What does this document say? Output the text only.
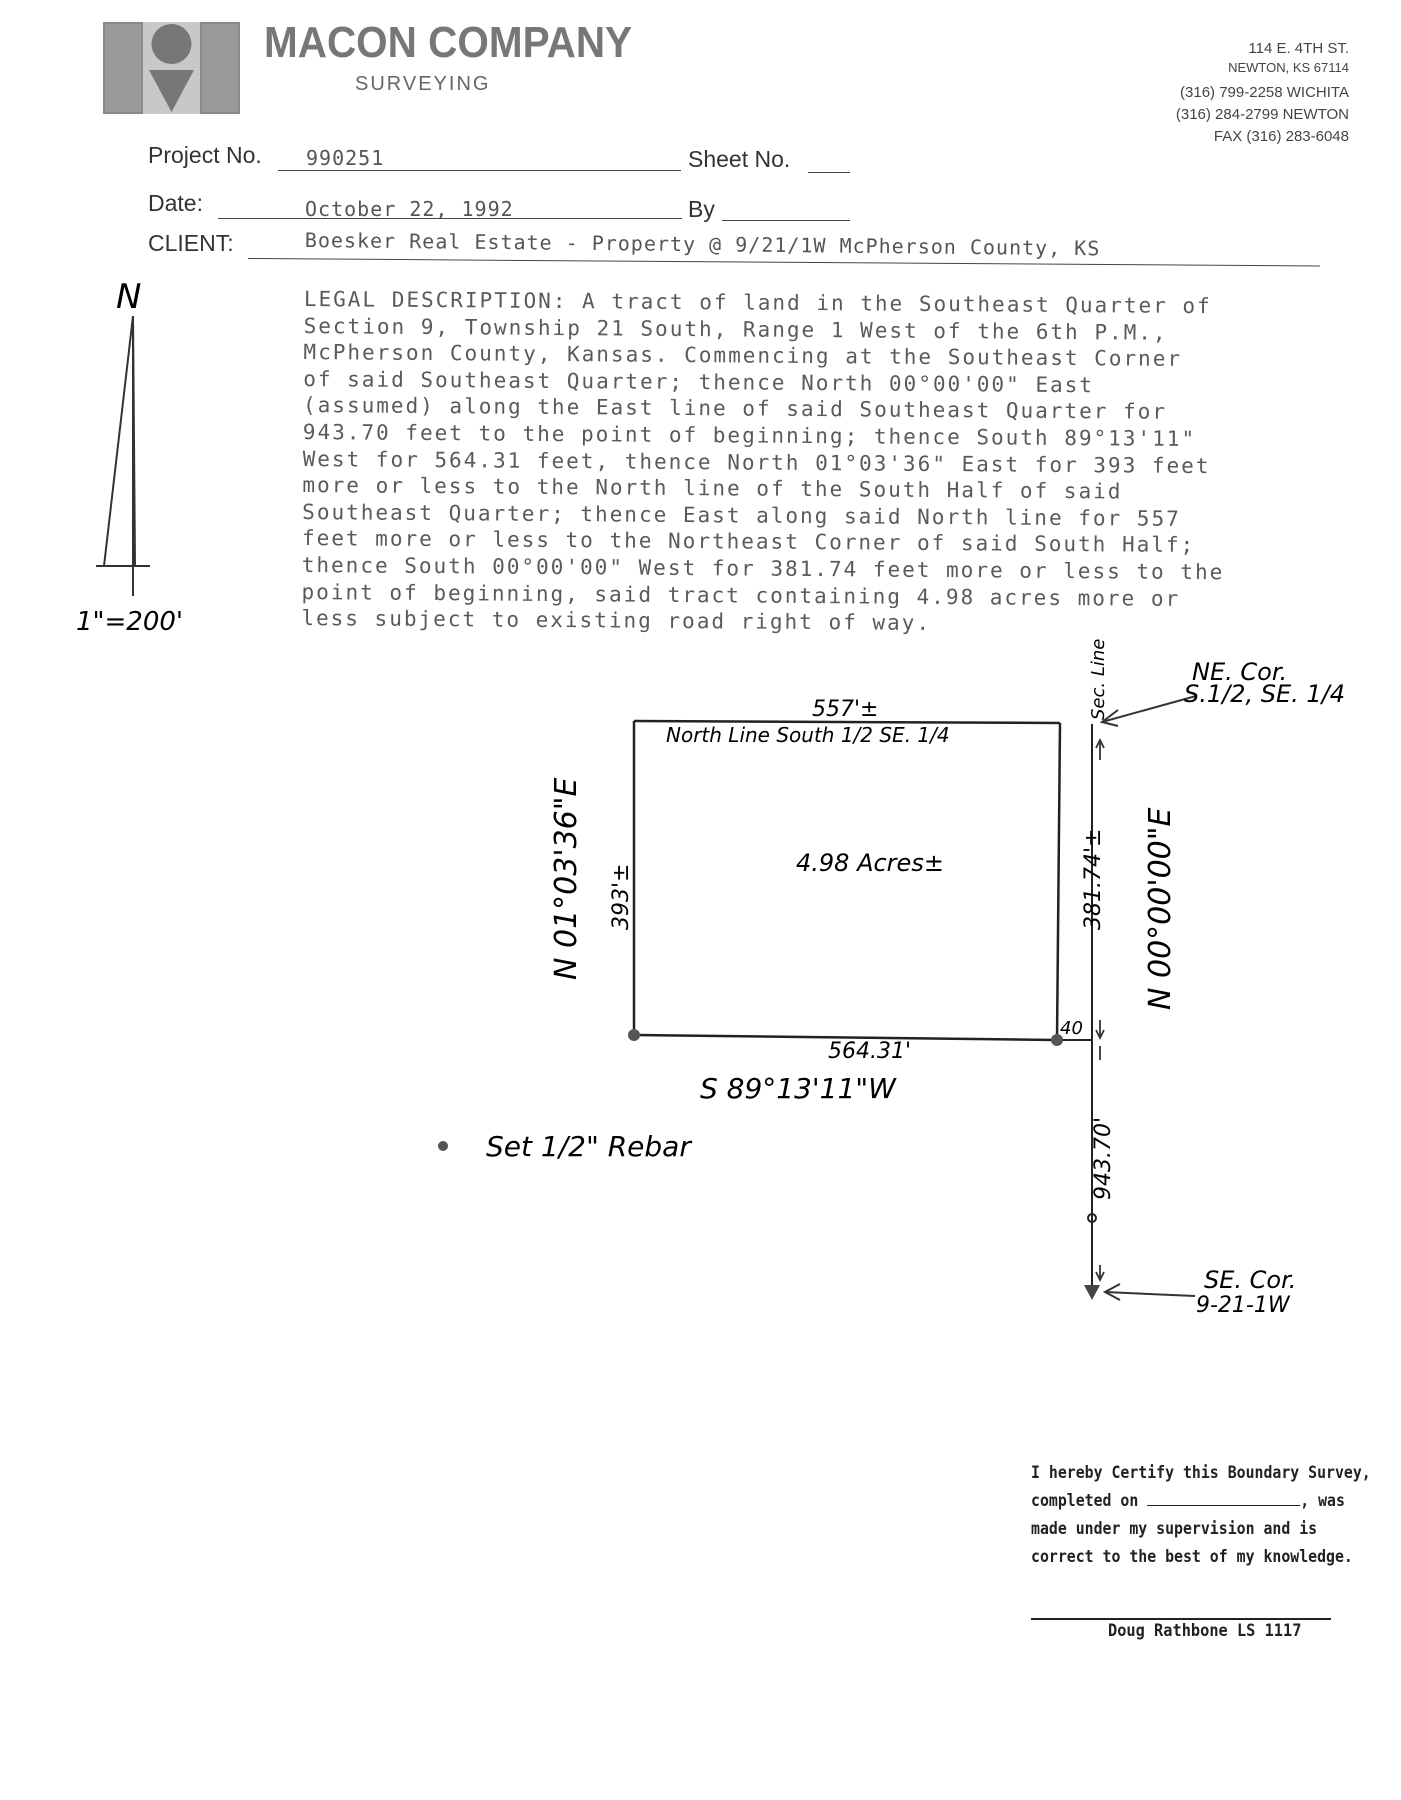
MACON COMPANY
SURVEYING
114 E. 4TH ST.
NEWTON, KS 67114
(316) 799-2258 WICHITA
(316) 284-2799 NEWTON
FAX (316) 283-6048
Project No. 990251	Sheet No.
Date:	October 22, 1992	By
CLIENT:	Boesker Real Estate - Property @ 9/21/1W McPherson County, KS
LEGAL DESCRIPTION: A tract of land in the Southeast Quarter of
Section 9, Township 21 South, Range 1 West of the 6th P.M.,
McPherson County, Kansas. Commencing at the Southeast Corner
of said Southeast Quarter; thence North 00°00'00" East
(assumed) along the East line of said Southeast Quarter for
943.70 feet to the point of beginning; thence South 89°13'11"
West for 564.31 feet, thence North 01°03'36" East for 393 feet
more or less to the North line of the South Half of said
Southeast Quarter; thence East along said North line for 557
feet more or less to the Northeast Corner of said South Half;
thence South 00°00'00" West for 381.74 feet more or less to the
point of beginning, said tract containing 4.98 acres more or
less subject to existing road right of way.
N
1"=200'
557'±
North Line South 1/2 SE. 1/4
4.98 Acres±
393'±
N 01°03'36"E	381.74'± N 00°00'00"E
Sec. Line
40
564.31'
S 89°13'11"W
943.70'
NE. Cor.
S.1/2, SE. 1/4
SE. Cor.
9-21-1W
Set 1/2" Rebar
I hereby Certify this Boundary Survey,
completed on	, was
made under my supervision and is
correct to the best of my knowledge.
Doug Rathbone LS 1117
